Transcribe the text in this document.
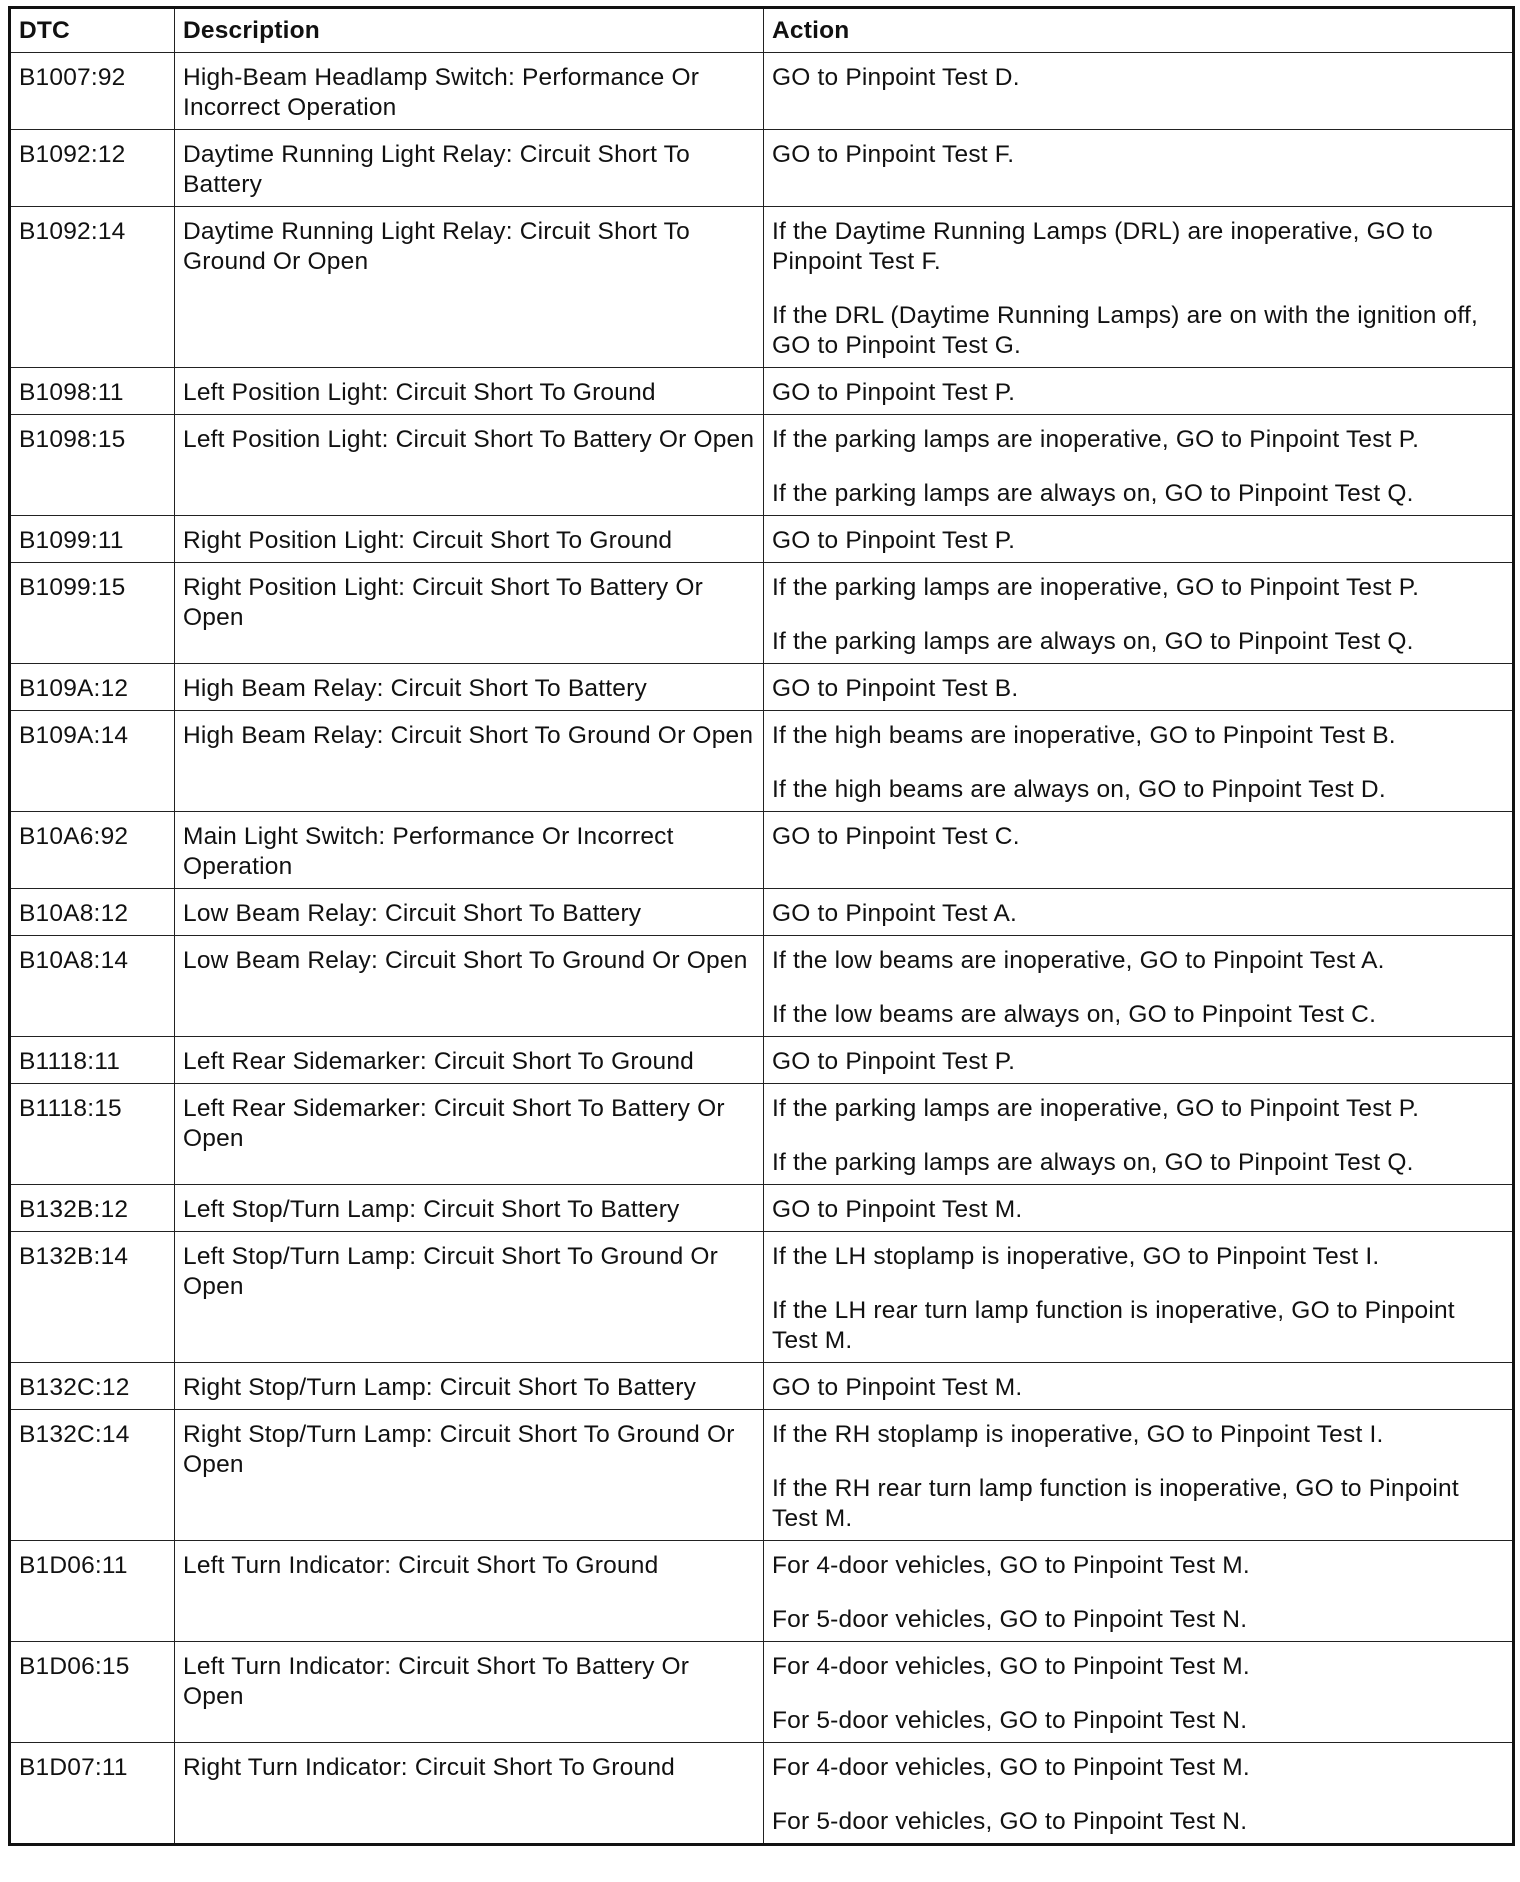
DTC	Description	Action
B1007:92	High-Beam Headlamp Switch: Performance Or Incorrect Operation	GO to Pinpoint Test D.

B1092:12	Daytime Running Light Relay: Circuit Short To Battery	GO to Pinpoint Test F.

B1092:14	Daytime Running Light Relay: Circuit Short To Ground Or Open	If the Daytime Running Lamps (DRL) are inoperative, GO to Pinpoint Test F.

If the DRL (Daytime Running Lamps) are on with the ignition off, GO to Pinpoint Test G.

B1098:11	Left Position Light: Circuit Short To Ground	GO to Pinpoint Test P.

B1098:15	Left Position Light: Circuit Short To Battery Or Open	If the parking lamps are inoperative, GO to Pinpoint Test P.

If the parking lamps are always on, GO to Pinpoint Test Q.

B1099:11	Right Position Light: Circuit Short To Ground	GO to Pinpoint Test P.

B1099:15	Right Position Light: Circuit Short To Battery Or Open	If the parking lamps are inoperative, GO to Pinpoint Test P.

If the parking lamps are always on, GO to Pinpoint Test Q.

B109A:12	High Beam Relay: Circuit Short To Battery	GO to Pinpoint Test B.

B109A:14	High Beam Relay: Circuit Short To Ground Or Open	If the high beams are inoperative, GO to Pinpoint Test B.

If the high beams are always on, GO to Pinpoint Test D.

B10A6:92	Main Light Switch: Performance Or Incorrect Operation	GO to Pinpoint Test C.

B10A8:12	Low Beam Relay: Circuit Short To Battery	GO to Pinpoint Test A.

B10A8:14	Low Beam Relay: Circuit Short To Ground Or Open	If the low beams are inoperative, GO to Pinpoint Test A.

If the low beams are always on, GO to Pinpoint Test C.

B1118:11	Left Rear Sidemarker: Circuit Short To Ground	GO to Pinpoint Test P.

B1118:15	Left Rear Sidemarker: Circuit Short To Battery Or Open	If the parking lamps are inoperative, GO to Pinpoint Test P.

If the parking lamps are always on, GO to Pinpoint Test Q.

B132B:12	Left Stop/Turn Lamp: Circuit Short To Battery	GO to Pinpoint Test M.

B132B:14	Left Stop/Turn Lamp: Circuit Short To Ground Or Open	If the LH stoplamp is inoperative, GO to Pinpoint Test I.

If the LH rear turn lamp function is inoperative, GO to Pinpoint Test M.

B132C:12	Right Stop/Turn Lamp: Circuit Short To Battery	GO to Pinpoint Test M.

B132C:14	Right Stop/Turn Lamp: Circuit Short To Ground Or Open	If the RH stoplamp is inoperative, GO to Pinpoint Test I.

If the RH rear turn lamp function is inoperative, GO to Pinpoint Test M.

B1D06:11	Left Turn Indicator: Circuit Short To Ground	For 4-door vehicles, GO to Pinpoint Test M.

For 5-door vehicles, GO to Pinpoint Test N.

B1D06:15	Left Turn Indicator: Circuit Short To Battery Or Open	For 4-door vehicles, GO to Pinpoint Test M.

For 5-door vehicles, GO to Pinpoint Test N.

B1D07:11	Right Turn Indicator: Circuit Short To Ground	For 4-door vehicles, GO to Pinpoint Test M.

For 5-door vehicles, GO to Pinpoint Test N.
